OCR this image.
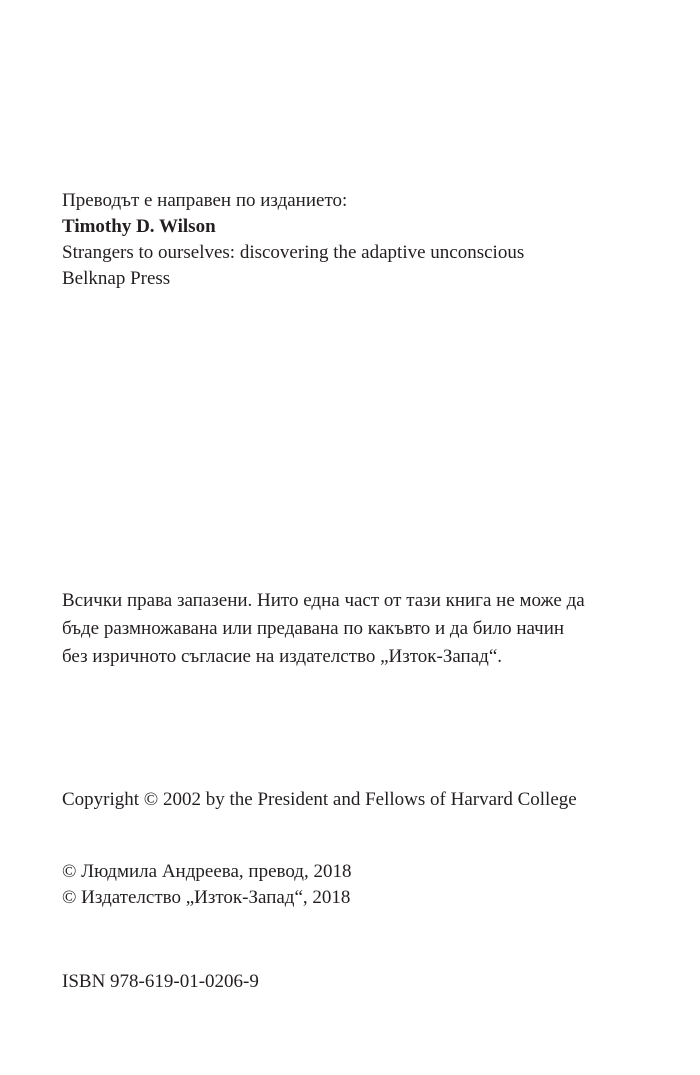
Преводът е направен по изданието:
Timothy D. Wilson
Strangers to ourselves: discovering the adaptive unconscious
Belknap Press
Всички права запазени. Нито една част от тази книга не може да
бъде размножавана или предавана по какъвто и да било начин
без изричното съгласие на издателство „Изток-Запад“.
Copyright © 2002 by the President and Fellows of Harvard College
© Людмила Андреева, превод, 2018
© Издателство „Изток-Запад“, 2018
ISBN 978-619-01-0206-9
